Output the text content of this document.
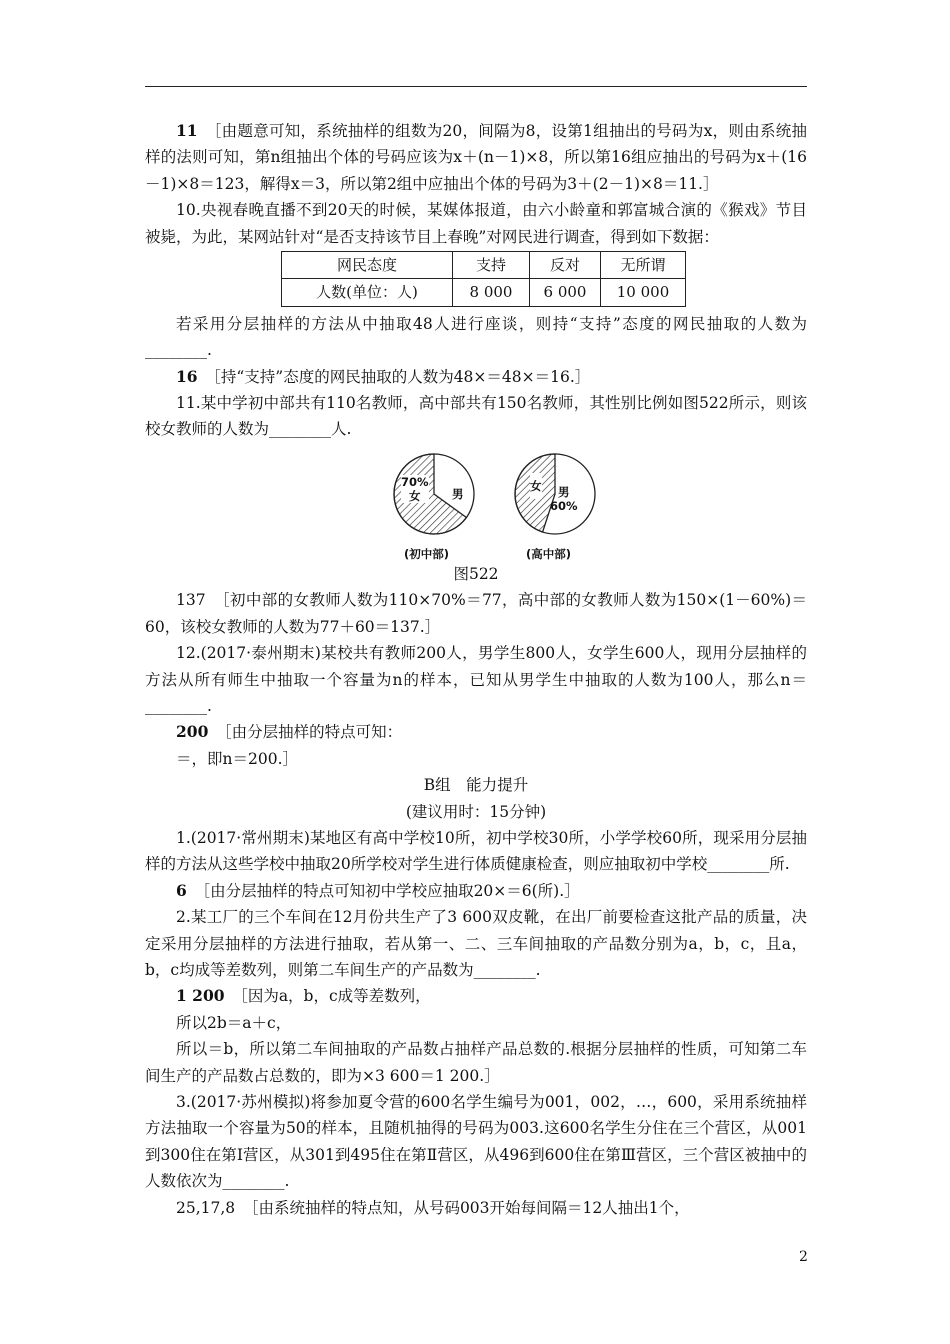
11　 ［由题意可知，系统抽样的组数为20，间隔为8，设第1组抽出的号码为x，则由系统抽样的法则可知，第n组抽出个体的号码应该为x＋(n－1)×8，所以第16组应抽出的号码为x＋(16－1)×8＝123，解得x＝3，所以第2组中应抽出个体的号码为3＋(2－1)×8＝11.］

10.央视春晚直播不到20天的时候，某媒体报道，由六小龄童和郭富城合演的《猴戏》节目被毙，为此，某网站针对“是否支持该节目上春晚”对网民进行调查，得到如下数据：

网民态度	支持	反对	无所谓
人数(单位：人)	8 000	6 000	10 000

若采用分层抽样的方法从中抽取48人进行座谈，则持“支持”态度的网民抽取的人数为________.

16　 ［持“支持”态度的网民抽取的人数为48×＝48×＝16.］

11.某中学初中部共有110名教师，高中部共有150名教师，其性别比例如图522所示，则该校女教师的人数为________人.

70%
女	男
(初中部)
女	男
60%
(高中部)

图522

137　 ［初中部的女教师人数为110×70%＝77，高中部的女教师人数为150×(1－60%)＝60，该校女教师的人数为77＋60＝137.］

12.(2017·泰州期末)某校共有教师200人，男学生800人，女学生600人，现用分层抽样的方法从所有师生中抽取一个容量为n的样本，已知从男学生中抽取的人数为100人，那么n＝________.

200　 ［由分层抽样的特点可知：

＝，即n＝200.］

B组　能力提升

(建议用时：15分钟)

1.(2017·常州期末)某地区有高中学校10所，初中学校30所，小学学校60所，现采用分层抽样的方法从这些学校中抽取20所学校对学生进行体质健康检查，则应抽取初中学校________所.

6　 ［由分层抽样的特点可知初中学校应抽取20×＝6(所).］

2.某工厂的三个车间在12月份共生产了3 600双皮靴，在出厂前要检查这批产品的质量，决定采用分层抽样的方法进行抽取，若从第一、二、三车间抽取的产品数分别为a，b，c，且a，b，c均成等差数列，则第二车间生产的产品数为________.

1 200　 ［因为a，b，c成等差数列，

所以2b＝a＋c，

所以＝b，所以第二车间抽取的产品数占抽样产品总数的.根据分层抽样的性质，可知第二车间生产的产品数占总数的，即为×3 600＝1 200.］

3.(2017·苏州模拟)将参加夏令营的600名学生编号为001，002，…，600，采用系统抽样方法抽取一个容量为50的样本，且随机抽得的号码为003.这600名学生分住在三个营区，从001到300住在第Ⅰ营区，从301到495住在第Ⅱ营区，从496到600住在第Ⅲ营区，三个营区被抽中的人数依次为________.

25,17,8　 ［由系统抽样的特点知，从号码003开始每间隔＝12人抽出1个，

2
